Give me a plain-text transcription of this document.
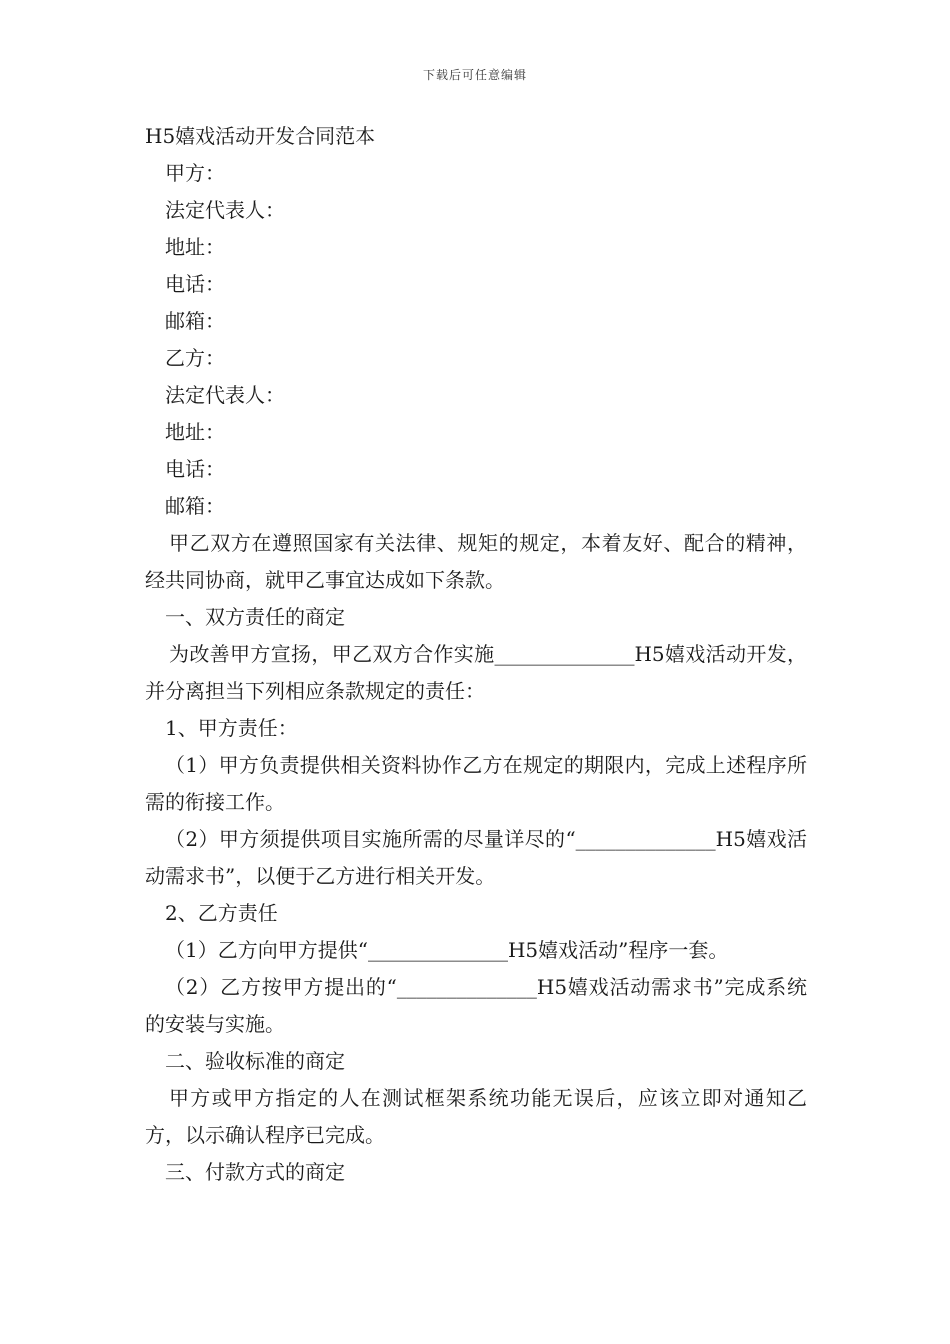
下载后可任意编辑

H5嬉戏活动开发合同范本

甲方：

法定代表人：

地址：

电话：

邮箱：

乙方：

法定代表人：

地址：

电话：

邮箱：

甲乙双方在遵照国家有关法律、规矩的规定，本着友好、配合的精神，经共同协商，就甲乙事宜达成如下条款。

一、双方责任的商定

为改善甲方宣扬，甲乙双方合作实施______________H5嬉戏活动开发，并分离担当下列相应条款规定的责任：

1、甲方责任：

（1）甲方负责提供相关资料协作乙方在规定的期限内，完成上述程序所需的衔接工作。

（2）甲方须提供项目实施所需的尽量详尽的“______________H5嬉戏活动需求书”，以便于乙方进行相关开发。

2、乙方责任

（1）乙方向甲方提供“______________H5嬉戏活动”程序一套。

（2）乙方按甲方提出的“______________H5嬉戏活动需求书”完成系统的安装与实施。

二、验收标准的商定

甲方或甲方指定的人在测试框架系统功能无误后，应该立即对通知乙方，以示确认程序已完成。

三、付款方式的商定
